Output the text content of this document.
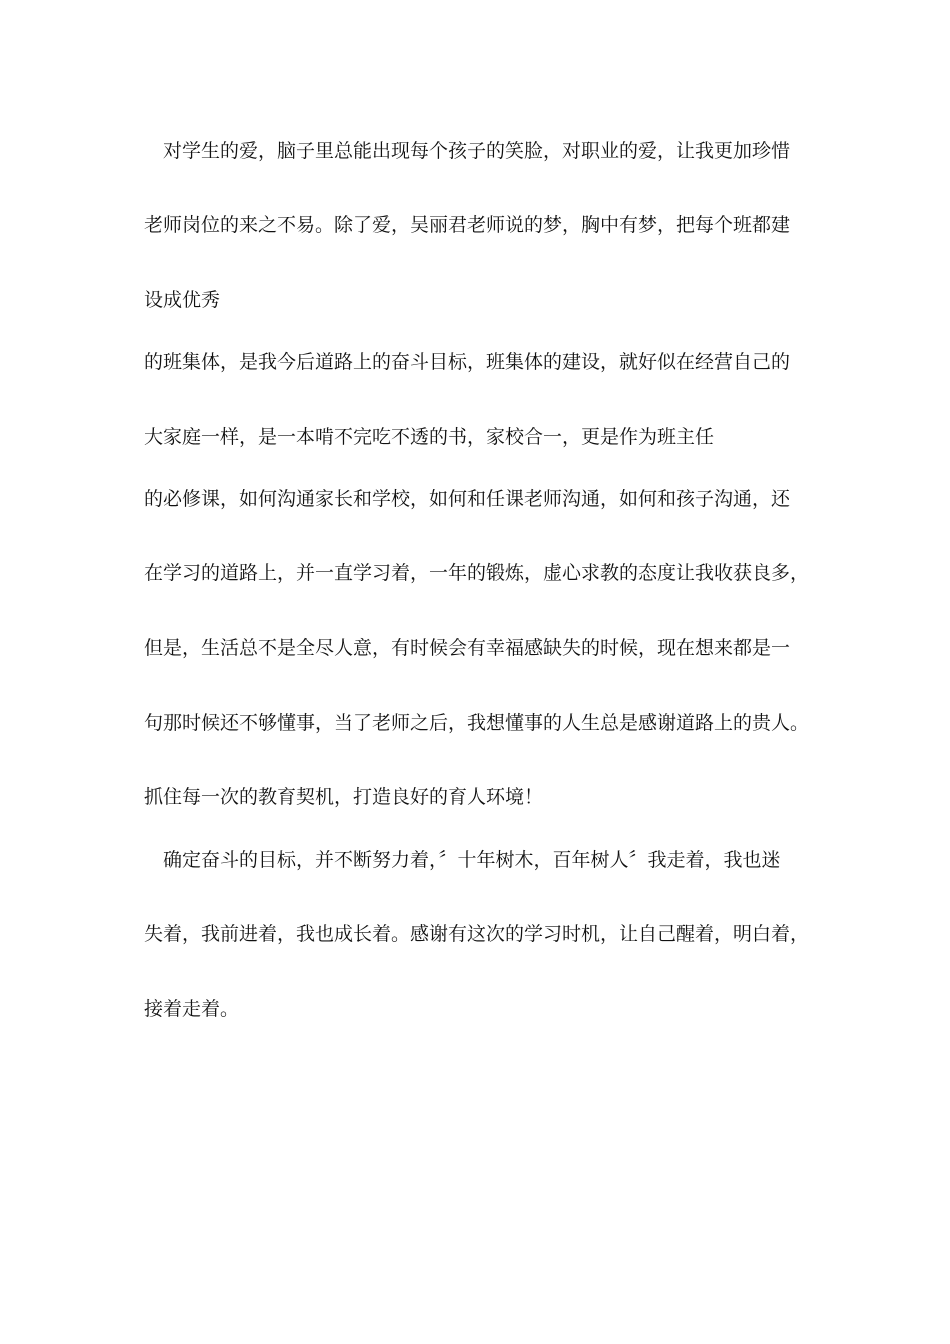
对学生的爱，脑子里总能出现每个孩子的笑脸，对职业的爱，让我更加珍惜
老师岗位的来之不易。除了爱，吴丽君老师说的梦，胸中有梦，把每个班都建
设成优秀
的班集体，是我今后道路上的奋斗目标，班集体的建设，就好似在经营自己的
大家庭一样，是一本啃不完吃不透的书，家校合一，更是作为班主任
的必修课，如何沟通家长和学校，如何和任课老师沟通，如何和孩子沟通，还
在学习的道路上，并一直学习着，一年的锻炼，虚心求教的态度让我收获良多，
但是，生活总不是全尽人意，有时候会有幸福感缺失的时候，现在想来都是一
句那时候还不够懂事，当了老师之后，我想懂事的人生总是感谢道路上的贵人。
抓住每一次的教育契机，打造良好的育人环境！
确定奋斗的目标，并不断努力着，〞十年树木，百年树人〞我走着，我也迷
失着，我前进着，我也成长着。感谢有这次的学习时机，让自己醒着，明白着，
接着走着。
